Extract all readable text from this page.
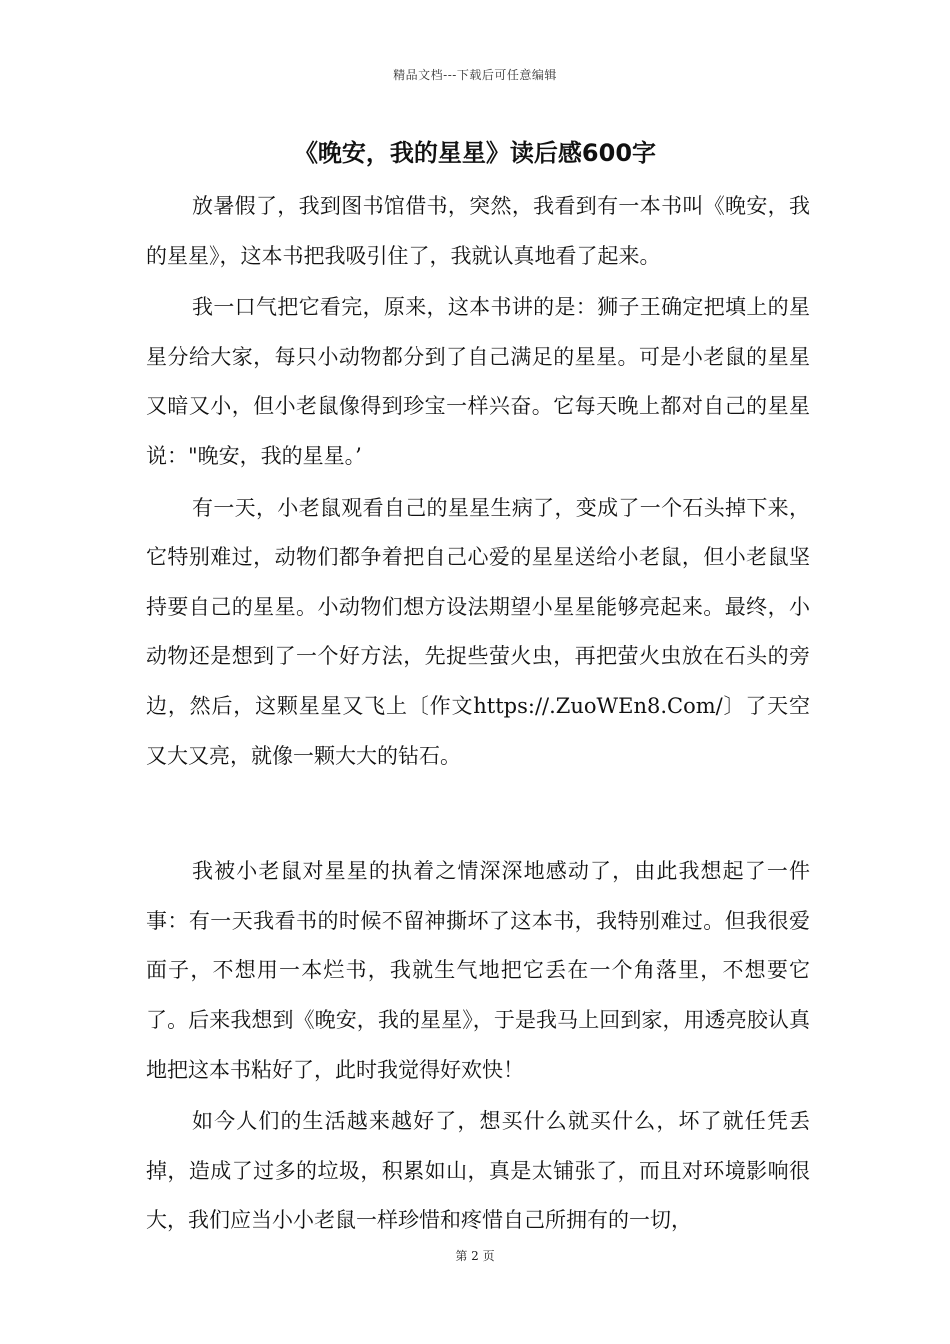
精品文档---下载后可任意编辑
《晚安，我的星星》读后感600字

放暑假了，我到图书馆借书，突然，我看到有一本书叫《晚安，我的星星》，这本书把我吸引住了，我就认真地看了起来。

我一口气把它看完，原来，这本书讲的是：狮子王确定把填上的星星分给大家，每只小动物都分到了自己满足的星星。可是小老鼠的星星又暗又小，但小老鼠像得到珍宝一样兴奋。它每天晚上都对自己的星星说："晚安，我的星星。’

有一天，小老鼠观看自己的星星生病了，变成了一个石头掉下来，它特别难过，动物们都争着把自己心爱的星星送给小老鼠，但小老鼠坚持要自己的星星。小动物们想方设法期望小星星能够亮起来。最终，小动物还是想到了一个好方法，先捉些萤火虫，再把萤火虫放在石头的旁边，然后，这颗星星又飞上〔作文https://.ZuoWEn8.Com/〕了天空又大又亮，就像一颗大大的钻石。

我被小老鼠对星星的执着之情深深地感动了，由此我想起了一件事：有一天我看书的时候不留神撕坏了这本书，我特别难过。但我很爱面子，不想用一本烂书，我就生气地把它丢在一个角落里，不想要它了。后来我想到《晚安，我的星星》，于是我马上回到家，用透亮胶认真地把这本书粘好了，此时我觉得好欢快！

如今人们的生活越来越好了，想买什么就买什么，坏了就任凭丢掉，造成了过多的垃圾，积累如山，真是太铺张了，而且对环境影响很大，我们应当小小老鼠一样珍惜和疼惜自己所拥有的一切，

第 2 页
